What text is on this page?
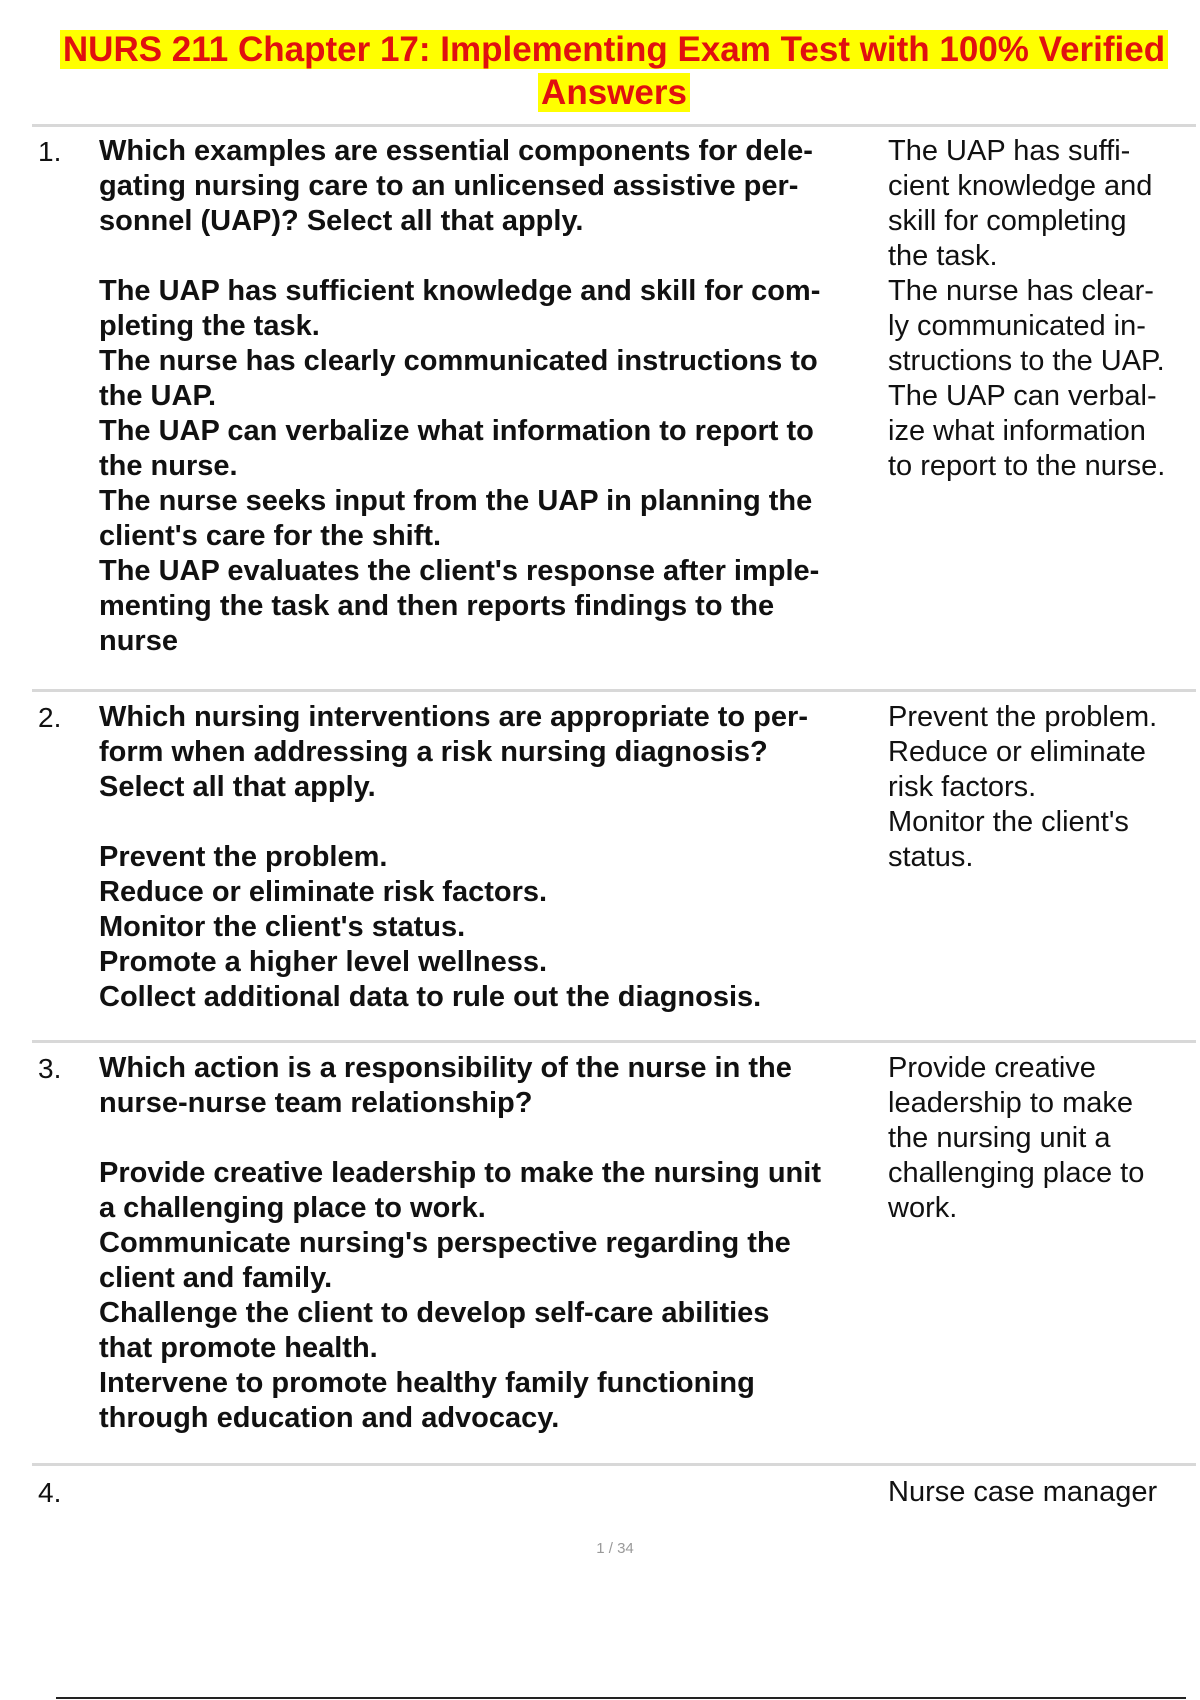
NURS 211 Chapter 17: Implementing Exam Test with 100% Verified
Answers
1. Which examples are essential components for dele-
gating nursing care to an unlicensed assistive per-
sonnel (UAP)? Select all that apply.
The UAP has sufficient knowledge and skill for com-
pleting the task.
The nurse has clearly communicated instructions to
the UAP.
The UAP can verbalize what information to report to
the nurse.
The nurse seeks input from the UAP in planning the
client's care for the shift.
The UAP evaluates the client's response after imple-
menting the task and then reports findings to the
nurse
The UAP has suffi-
cient knowledge and
skill for completing
the task.
The nurse has clear-
ly communicated in-
structions to the UAP.
The UAP can verbal-
ize what information
to report to the nurse.
2. Which nursing interventions are appropriate to per-
form when addressing a risk nursing diagnosis?
Select all that apply.
Prevent the problem.
Reduce or eliminate risk factors.
Monitor the client's status.
Promote a higher level wellness.
Collect additional data to rule out the diagnosis.
Prevent the problem.
Reduce or eliminate
risk factors.
Monitor the client's
status.
3. Which action is a responsibility of the nurse in the
nurse-nurse team relationship?
Provide creative leadership to make the nursing unit
a challenging place to work.
Communicate nursing's perspective regarding the
client and family.
Challenge the client to develop self-care abilities
that promote health.
Intervene to promote healthy family functioning
through education and advocacy.
Provide creative
leadership to make
the nursing unit a
challenging place to
work.
4.	Nurse case manager
1 / 34
